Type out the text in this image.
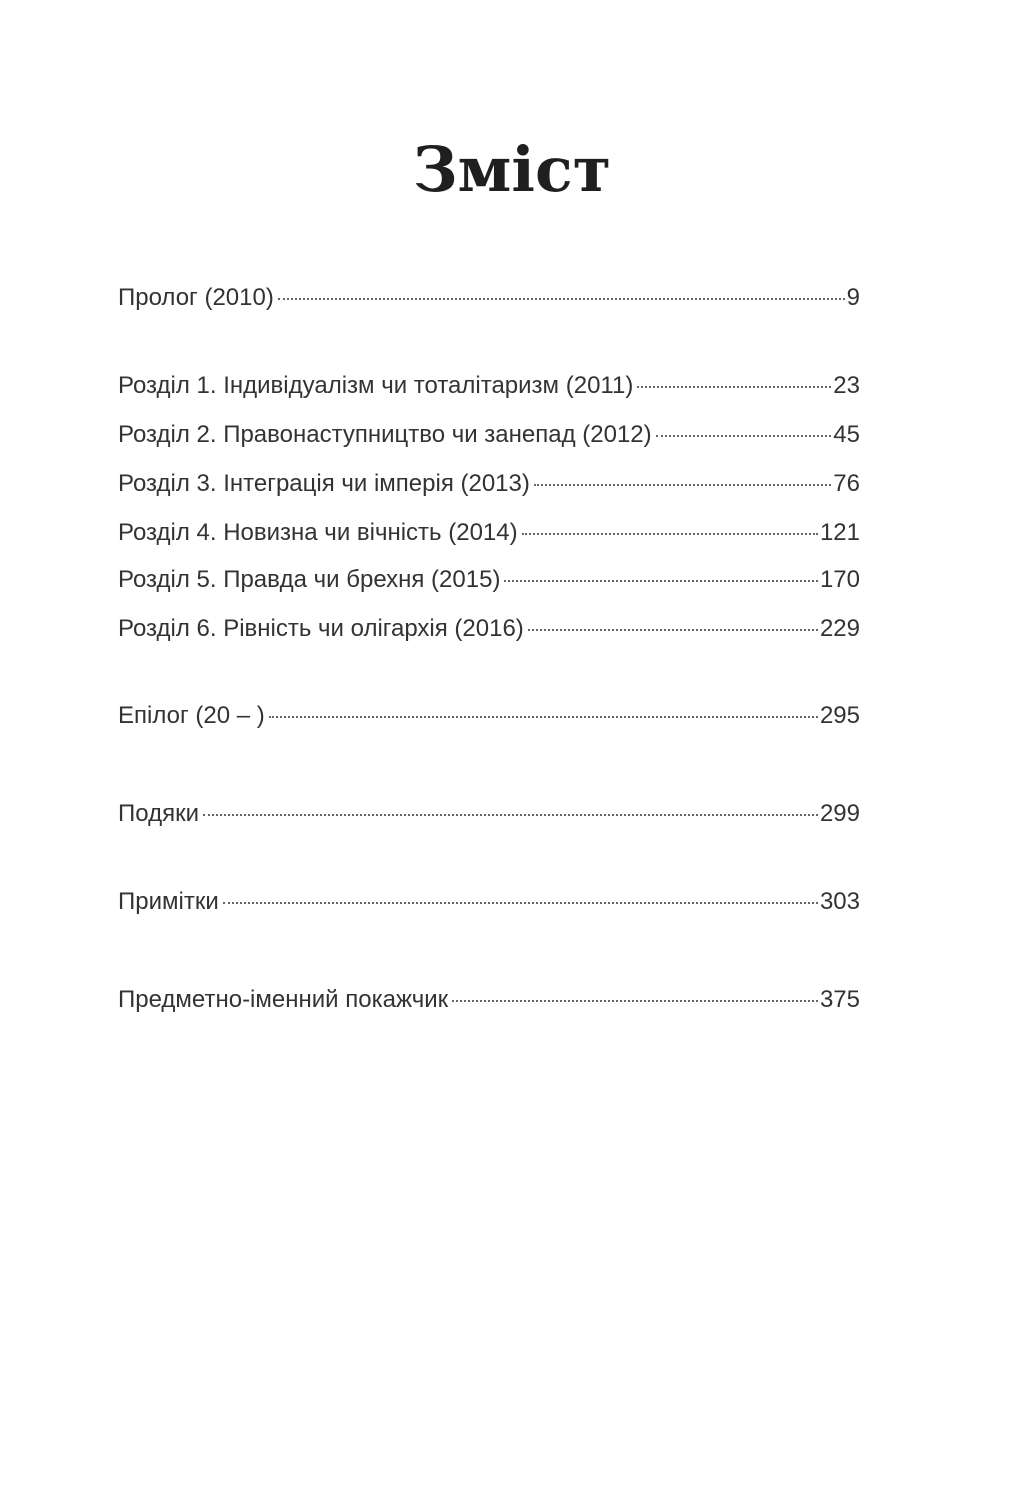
Зміст
Пролог (2010)	9
Розділ 1. Індивідуалізм чи тоталітаризм (2011)	23
Розділ 2. Правонаступництво чи занепад (2012)	45
Розділ 3. Інтеграція чи імперія (2013)	76
Розділ 4. Новизна чи вічність (2014)	121
Розділ 5. Правда чи брехня (2015)	170
Розділ 6. Рівність чи олігархія (2016)	229
Епілог (20 – )	295
Подяки	299
Примітки	303
Предметно-іменний покажчик	375
